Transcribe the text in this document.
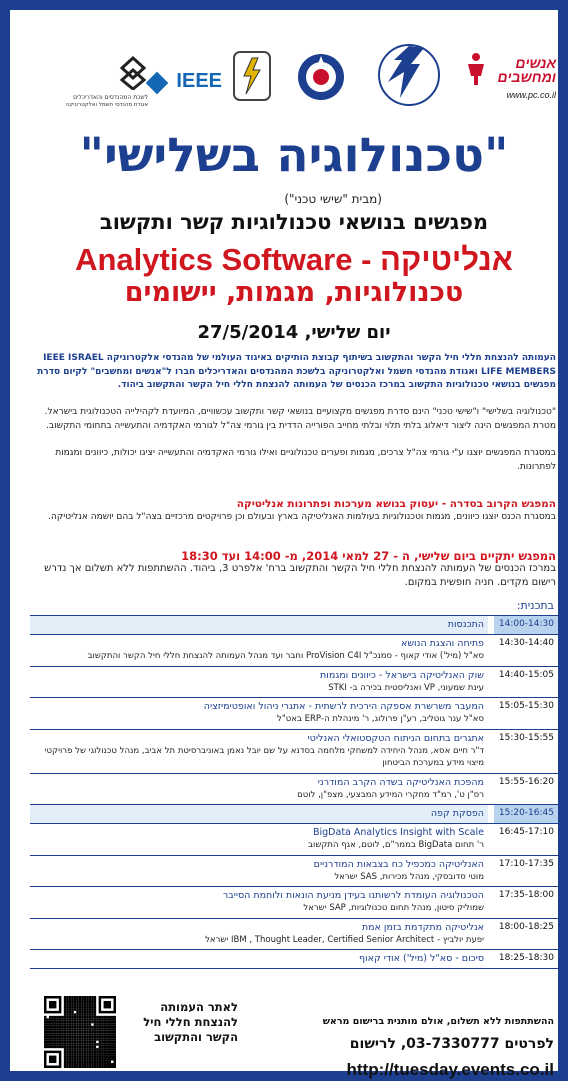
אנשים ומחשבים
www.pc.co.il
IEEE
לשכת המהנדסים והאדריכלים
אגודת מהנדסי חשמל ואלקטרוניקה
"טכנולוגיה בשלישי"
(מבית "שישי טכני")
מפגשים בנושאי טכנולוגיות קשר ותקשוב
אנליטיקה - Analytics Software
טכנולוגיות, מגמות, יישומים
יום שלישי, 27/5/2014
העמותה להנצחת חללי חיל הקשר והתקשוב בשיתוף קבוצת הותיקים באיגוד העולמי של מהנדסי אלקטרוניקה IEEE ISRAEL LIFE MEMBERS ואגודת מהנדסי חשמל ואלקטרוניקה בלשכת המהנדסים והאדריכלים חברו ל"אנשים ומחשבים" לקיום סדרת מפגשים בנושאי טכנולוגיות התקשוב במרכז הכנסים של העמותה להנצחת חללי חיל הקשר והתקשוב ביהוד.
"טכנולוגיה בשלישי" ו"שישי טכני" הינם סדרת מפגשים מקצועיים בנושאי קשר ותקשוב עכשוויים, המיועדת לקהילייה הטכנולוגית בישראל. מטרת המפגשים הינה ליצור דיאלוג בלתי תלוי ובלתי מחייב הפורייה הדדית בין גורמי צה"ל לגורמי האקדמיה והתעשייה בתחומי התקשוב.
במסגרת המפגשים יוצגו ע"י גורמי צה"ל צרכים, מגמות ופערים טכנולוגיים ואילו גורמי האקדמיה והתעשייה יציגו יכולות, כיוונים ומגמות לפתרונות.
המפגש הקרוב בסדרה - יעסוק בנושא מערכות ופתרונות אנליטיקה
במסגרת הכנס יוצגו כיוונים, מגמות וטכנולוגיות בעולמות האנליטיקה בארץ ובעולם וכן פרויקטים מרכזיים בצה"ל בהם יושמה אנליטיקה.
המפגש יתקיים ביום שלישי, ה - 27 למאי 2014, מ- 14:00 ועד 18:30
במרכז הכנסים של העמותה להנצחת חללי חיל הקשר והתקשוב ברח' אלפרט 3, ביהוד. ההשתתפות ללא תשלום אך נדרש רישום מקדים. חניה חופשית במקום.
בתכנית:
14:00-14:30
התכנסות
14:30-14:40
פתיחה והצגת הנושא
סא"ל (מיל') אודי קאוף - סמנכ"ל ProVision C4I וחבר ועד מנהל העמותה להנצחת חללי חיל הקשר והתקשוב
14:40-15:05
שוק האנליטיקה בישראל - כיוונים ומגמות
עינת שמעוני, VP ואנליסטית בכירה ב- STKI
15:05-15:30
המעבר משרשרת אספקה הירכית לרשתית - אתגרי ניהול ואופטימיזציה
סא"ל ענר גוטליב, רע"ן פרולוג, ר' מינהלת ה-ERP באט"ל
15:30-15:55
אתגרים בתחום הניתוח הטקסטואלי האנליטי
ד"ר חיים אסא, מנהל היחידה למשחקי מלחמה בסדנא על שם יובל נאמן באוניברסיטת תל אביב, מנהל טכנולוגי של פרויקטי מיצוי מידע במערכת הביטחון
15:55-16:20
מהפכת האנליטיקה בשדה הקרב המודרני
רס"ן ט', רמ"ד מחקרי המידע המבצעי, מצפ"ן, לוטם
15:20-16:45
הפסקת קפה
16:45-17:10
BigData Analytics Insight with Scale
ר' תחום BigData בממר"ם, לוטם, אגף התקשוב
17:10-17:35
האנליטיקה כמכפיל כח בצבאות המודרניים
מוטי סדובסקי, מנהל מכירות, SAS ישראל
17:35-18:00
הטכנולוגיה העומדת לרשותנו בעידן מניעת הונאות ולוחמת הסייבר
שמוליק סיטון, מנהל תחום טכנולוגיות, SAP ישראל
18:00-18:25
אנליטיקה מתקדמת בזמן אמת
יפעת יולביץ - IBM , Thought Leader, Certified Senior Architect ישראל
18:25-18:30
סיכום - סא"ל (מיל') אודי קאוף
לאתר העמותה להנצחת חללי חיל הקשר והתקשוב
ההשתתפות ללא תשלום, אולם מותנית ברישום מראש
לפרטים 03-7330777, לרישום
http://tuesday.events.co.il
